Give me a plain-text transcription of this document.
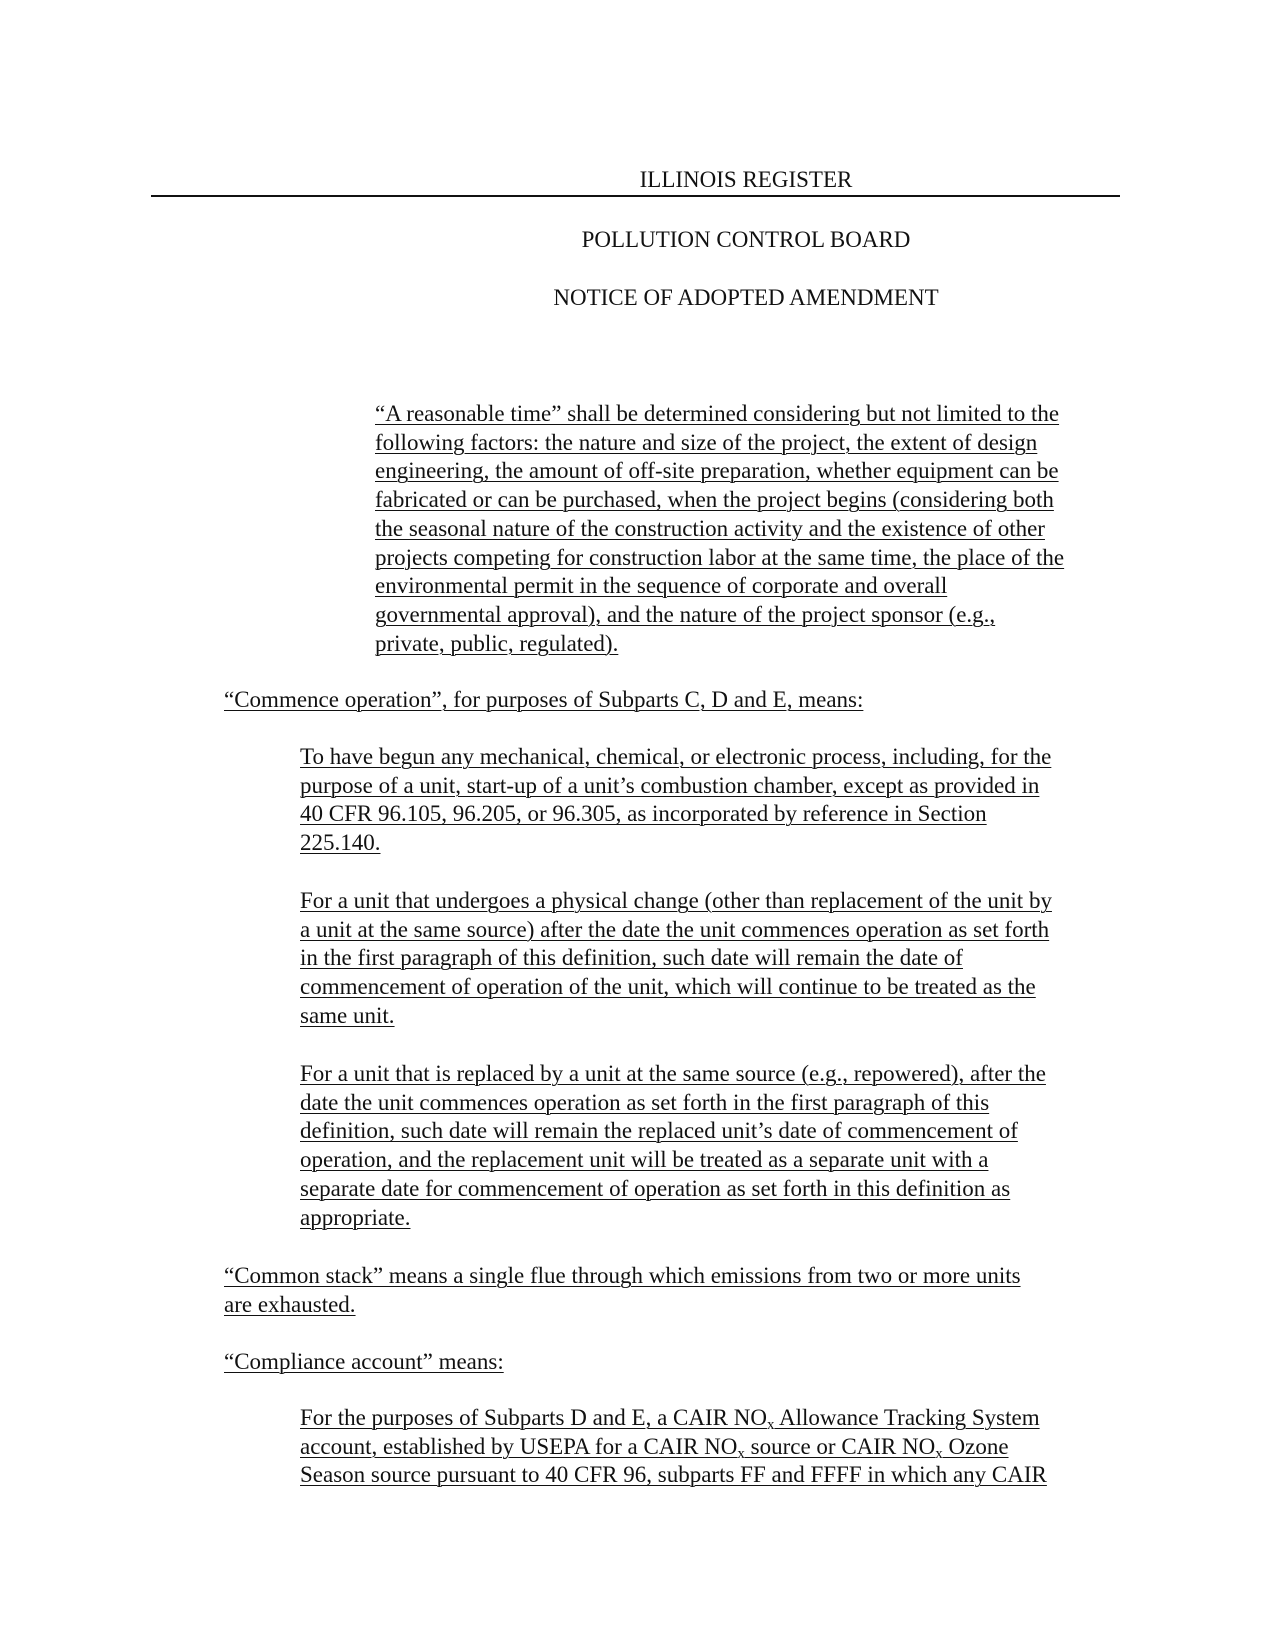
ILLINOIS REGISTER
POLLUTION CONTROL BOARD
NOTICE OF ADOPTED AMENDMENT

“A reasonable time” shall be determined considering but not limited to the
following factors: the nature and size of the project, the extent of design
engineering, the amount of off-site preparation, whether equipment can be
fabricated or can be purchased, when the project begins (considering both
the seasonal nature of the construction activity and the existence of other
projects competing for construction labor at the same time, the place of the
environmental permit in the sequence of corporate and overall
governmental approval), and the nature of the project sponsor (e.g.,
private, public, regulated).

“Commence operation”, for purposes of Subparts C, D and E, means:

To have begun any mechanical, chemical, or electronic process, including, for the
purpose of a unit, start-up of a unit’s combustion chamber, except as provided in
40 CFR 96.105, 96.205, or 96.305, as incorporated by reference in Section
225.140.

For a unit that undergoes a physical change (other than replacement of the unit by
a unit at the same source) after the date the unit commences operation as set forth
in the first paragraph of this definition, such date will remain the date of
commencement of operation of the unit, which will continue to be treated as the
same unit.

For a unit that is replaced by a unit at the same source (e.g., repowered), after the
date the unit commences operation as set forth in the first paragraph of this
definition, such date will remain the replaced unit’s date of commencement of
operation, and the replacement unit will be treated as a separate unit with a
separate date for commencement of operation as set forth in this definition as
appropriate.

“Common stack” means a single flue through which emissions from two or more units
are exhausted.

“Compliance account” means:

For the purposes of Subparts D and E, a CAIR $NO_x$ Allowance Tracking System
account, established by USEPA for a CAIR $NO_x$ source or CAIR $NO_x$ Ozone
Season source pursuant to 40 CFR 96, subparts FF and FFFF in which any CAIR
